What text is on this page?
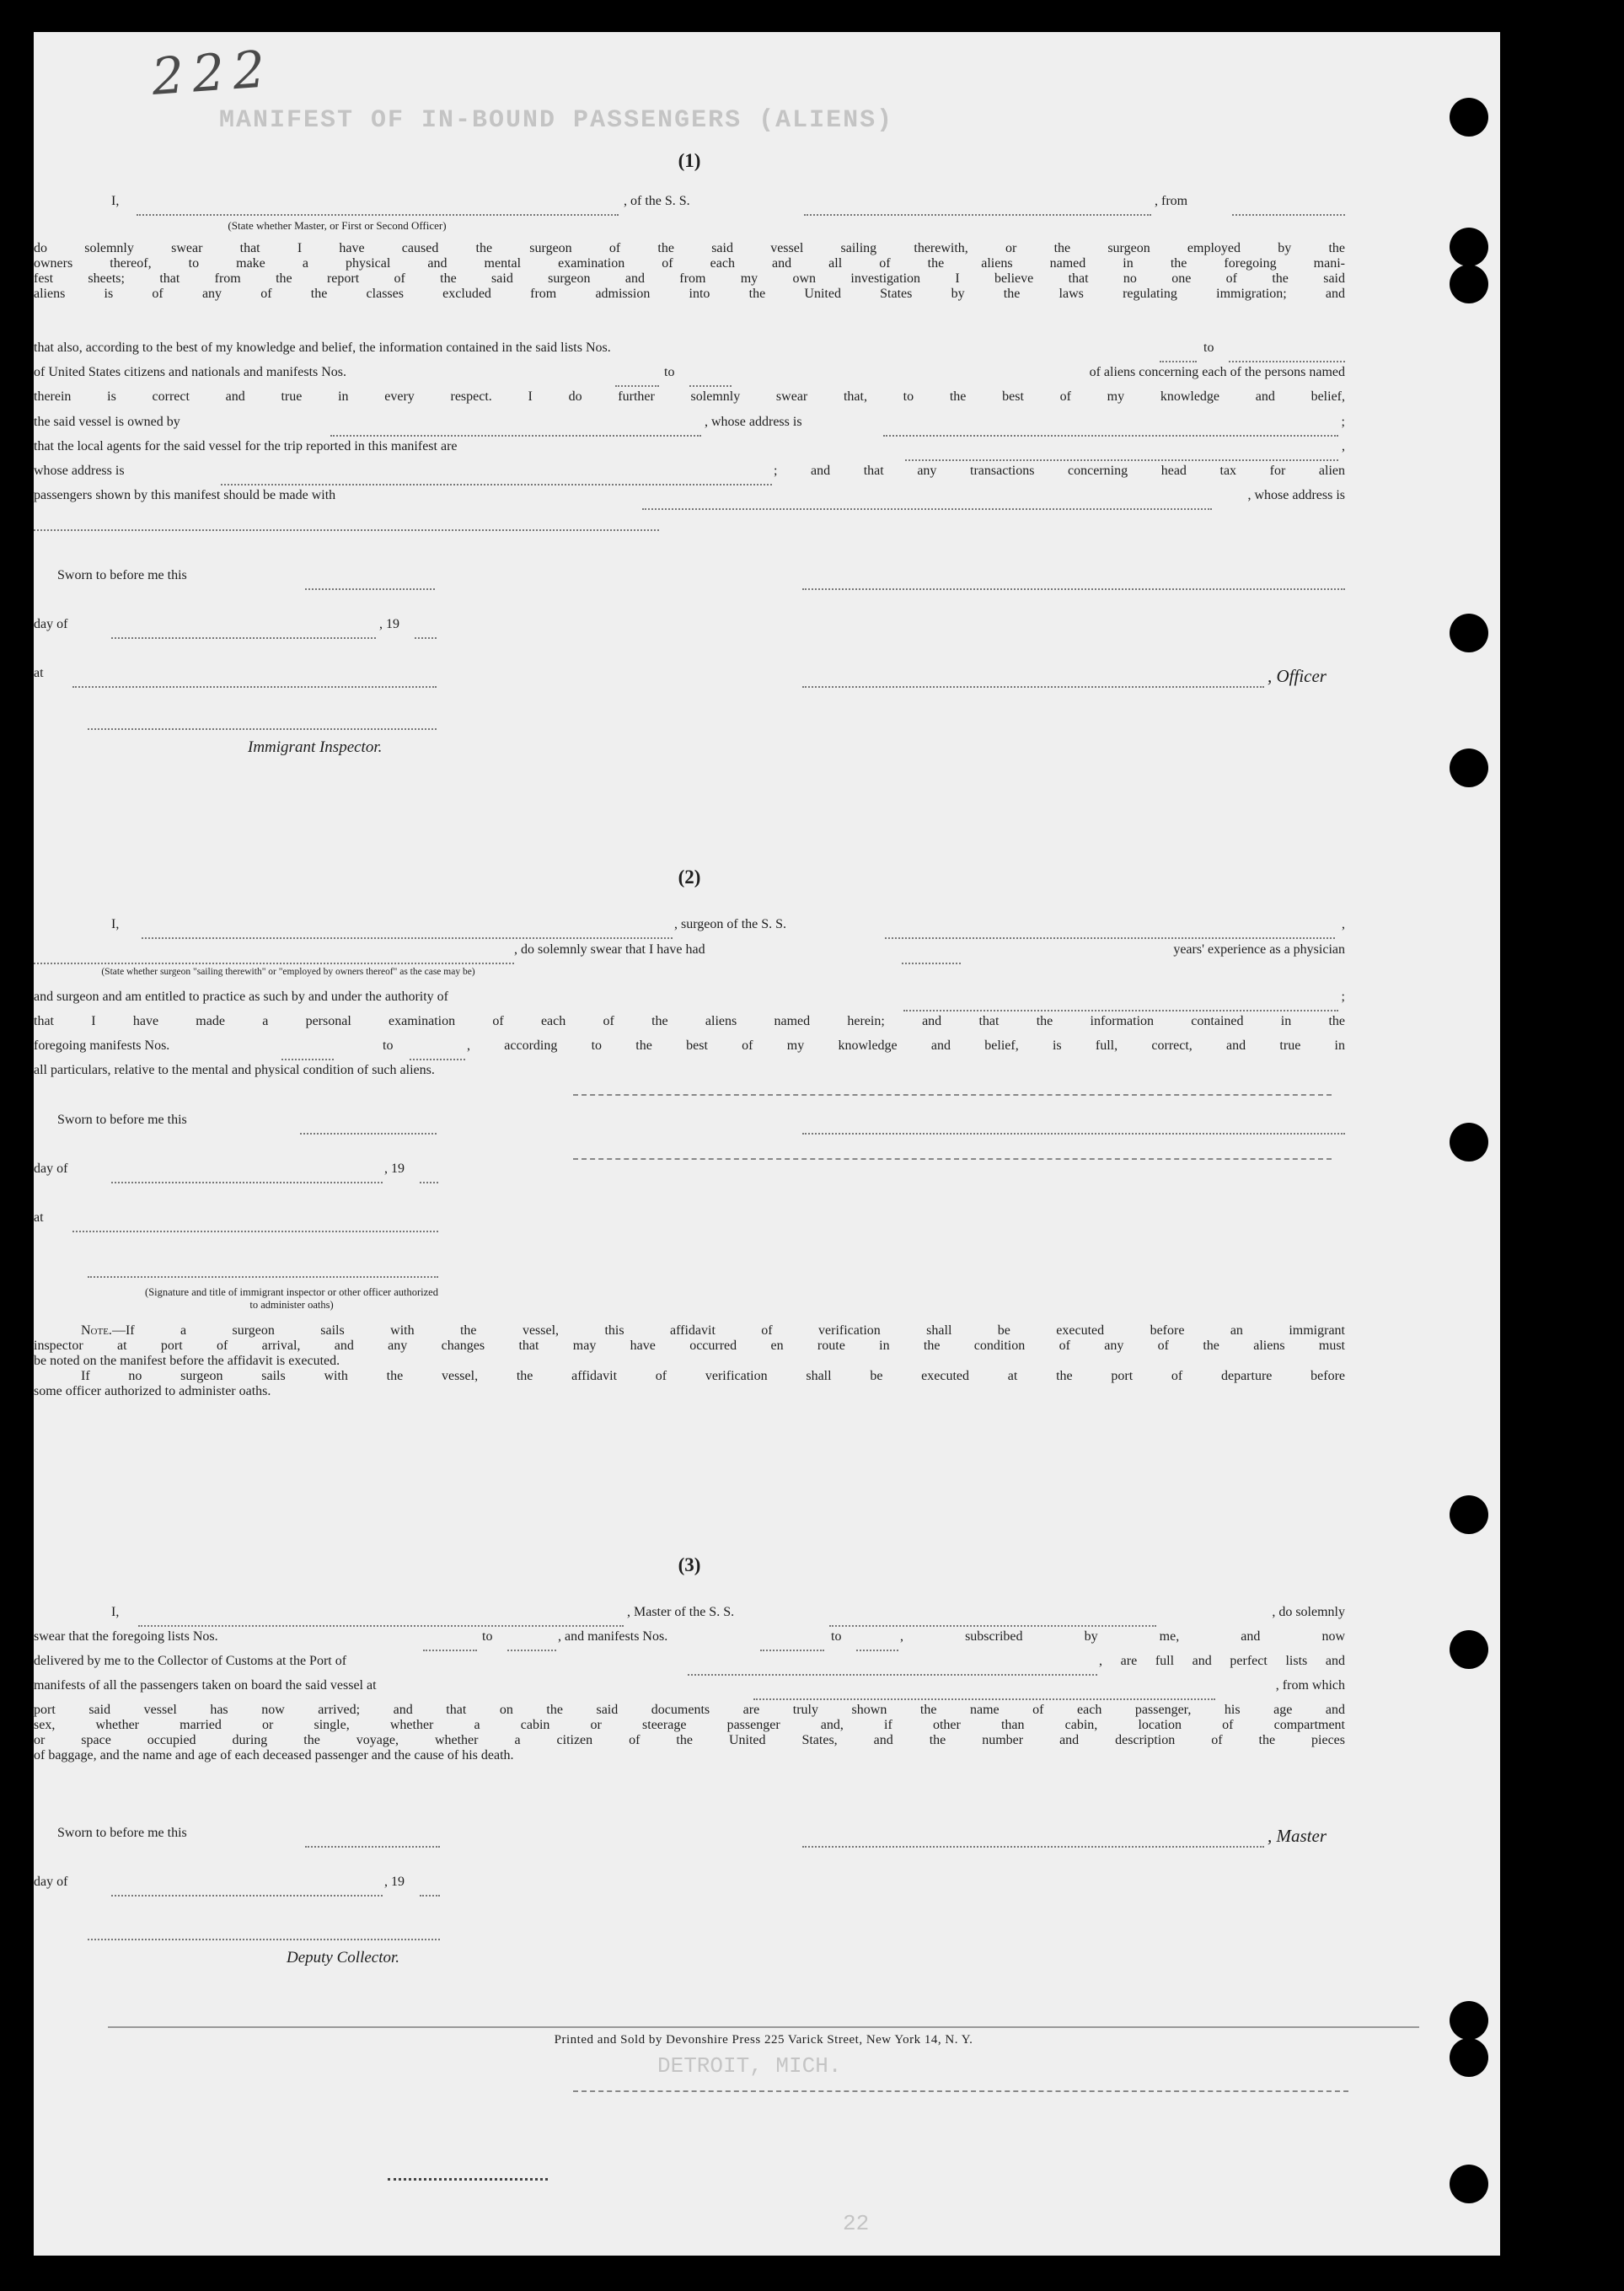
MANIFEST OF IN-BOUND PASSENGERS (ALIENS)
DETROIT, MICH.
22
222
(1)
I,	, of the S. S.	, from
(State whether Master, or First or Second Officer)
do solemnly swear that I have caused the surgeon of the said vessel sailing therewith, or the surgeon employed by the
owners thereof, to make a physical and mental examination of each and all of the aliens named in the foregoing mani-
fest sheets; that from the report of the said surgeon and from my own investigation I believe that no one of the said
aliens is of any of the classes excluded from admission into the United States by the laws regulating immigration; and
that also, according to the best of my knowledge and belief, the information contained in the said lists Nos.	to
of United States citizens and nationals and manifests Nos.	to	of aliens concerning each of the persons named
therein is correct and true in every respect. I do further solemnly swear that, to the best of my knowledge and belief,
the said vessel is owned by	, whose address is	;
that the local agents for the said vessel for the trip reported in this manifest are	,
whose address is	; and that any transactions concerning head tax for alien
passengers shown by this manifest should be made with	, whose address is
Sworn to before me this
day of	, 19
at	, Officer
Immigrant Inspector.
(2)
I,	, surgeon of the S. S.	,
, do solemnly swear that I have had	years' experience as a physician
(State whether surgeon "sailing therewith" or "employed by owners thereof" as the case may be)
and surgeon and am entitled to practice as such by and under the authority of	;
that I have made a personal examination of each of the aliens named herein; and that the information contained in the
foregoing manifests Nos.	to	, according to the best of my knowledge and belief, is full, correct, and true in
all particulars, relative to the mental and physical condition of such aliens.
Sworn to before me this
day of	, 19
at
(Signature and title of immigrant inspector or other officer authorized to administer oaths)
Note.—If a surgeon sails with the vessel, this affidavit of verification shall be executed before an immigrant
inspector at port of arrival, and any changes that may have occurred en route in the condition of any of the aliens must
be noted on the manifest before the affidavit is executed.
If no surgeon sails with the vessel, the affidavit of verification shall be executed at the port of departure before
some officer authorized to administer oaths.
(3)
I,	, Master of the S. S.	, do solemnly
swear that the foregoing lists Nos.	to	, and manifests Nos.	to	, subscribed by me, and now
delivered by me to the Collector of Customs at the Port of	, are full and perfect lists and
manifests of all the passengers taken on board the said vessel at	, from which
port said vessel has now arrived; and that on the said documents are truly shown the name of each passenger, his age and
sex, whether married or single, whether a cabin or steerage passenger and, if other than cabin, location of compartment
or space occupied during the voyage, whether a citizen of the United States, and the number and description of the pieces
of baggage, and the name and age of each deceased passenger and the cause of his death.
Sworn to before me this	, Master
day of	, 19
Deputy Collector.
Printed and Sold by Devonshire Press 225 Varick Street, New York 14, N. Y.
